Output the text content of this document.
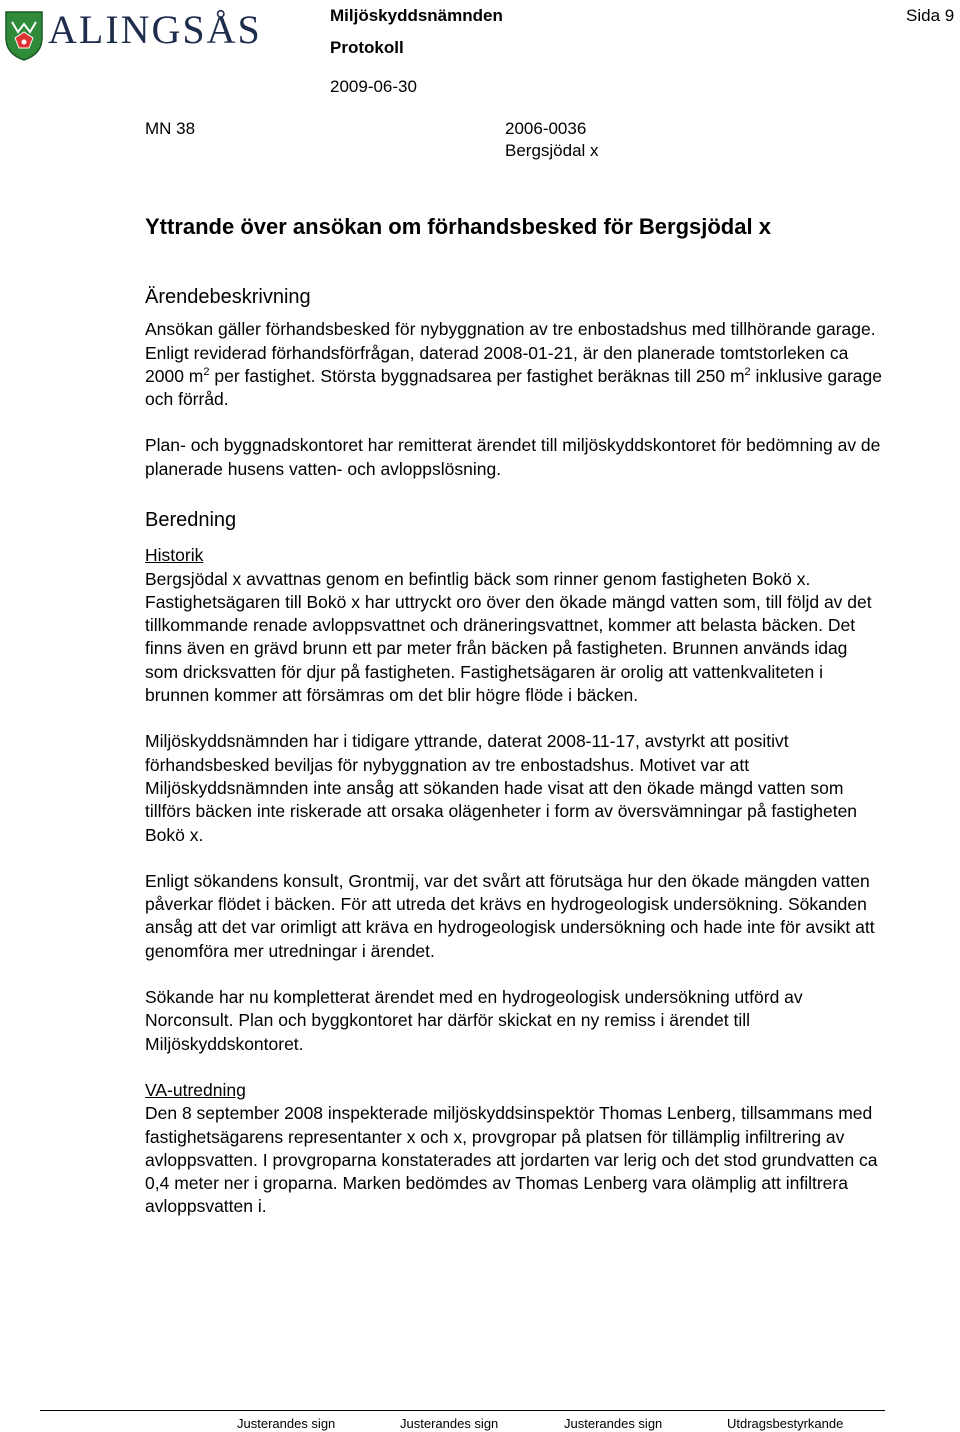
ALINGSÅS	Miljöskyddsnämnden
Protokoll
2009-06-30
Sida 9
MN 38	2006-0036
Bergsjödal x

Yttrande över ansökan om förhandsbesked för Bergsjödal x

Ärendebeskrivning

Ansökan gäller förhandsbesked för nybyggnation av tre enbostadshus med tillhörande garage. Enligt reviderad förhandsförfrågan, daterad 2008-01-21, är den planerade tomtstorleken ca 2000 $m^2$ per fastighet. Största byggnadsarea per fastighet beräknas till 250 $m^2$ inklusive garage och förråd.

Plan- och byggnadskontoret har remitterat ärendet till miljöskyddskontoret för bedömning av de planerade husens vatten- och avloppslösning.

Beredning

Historik

Bergsjödal x avvattnas genom en befintlig bäck som rinner genom fastigheten Bokö x. Fastighetsägaren till Bokö x har uttryckt oro över den ökade mängd vatten som, till följd av det tillkommande renade avloppsvattnet och dräneringsvattnet, kommer att belasta bäcken. Det finns även en grävd brunn ett par meter från bäcken på fastigheten. Brunnen används idag som dricksvatten för djur på fastigheten. Fastighetsägaren är orolig att vattenkvaliteten i brunnen kommer att försämras om det blir högre flöde i bäcken.

Miljöskyddsnämnden har i tidigare yttrande, daterat 2008-11-17, avstyrkt att positivt förhandsbesked beviljas för nybyggnation av tre enbostadshus. Motivet var att Miljöskyddsnämnden inte ansåg att sökanden hade visat att den ökade mängd vatten som tillförs bäcken inte riskerade att orsaka olägenheter i form av översvämningar på fastigheten Bokö x.

Enligt sökandens konsult, Grontmij, var det svårt att förutsäga hur den ökade mängden vatten påverkar flödet i bäcken. För att utreda det krävs en hydrogeologisk undersökning. Sökanden ansåg att det var orimligt att kräva en hydrogeologisk undersökning och hade inte för avsikt att genomföra mer utredningar i ärendet.

Sökande har nu kompletterat ärendet med en hydrogeologisk undersökning utförd av Norconsult. Plan och byggkontoret har därför skickat en ny remiss i ärendet till Miljöskyddskontoret.

VA-utredning

Den 8 september 2008 inspekterade miljöskyddsinspektör Thomas Lenberg, tillsammans med fastighetsägarens representanter x och x, provgropar på platsen för tillämplig infiltrering av avloppsvatten. I provgroparna konstaterades att jordarten var lerig och det stod grundvatten ca 0,4 meter ner i groparna. Marken bedömdes av Thomas Lenberg vara olämplig att infiltrera avloppsvatten i.

Justerandes sign	Justerandes sign	Justerandes sign	Utdragsbestyrkande
